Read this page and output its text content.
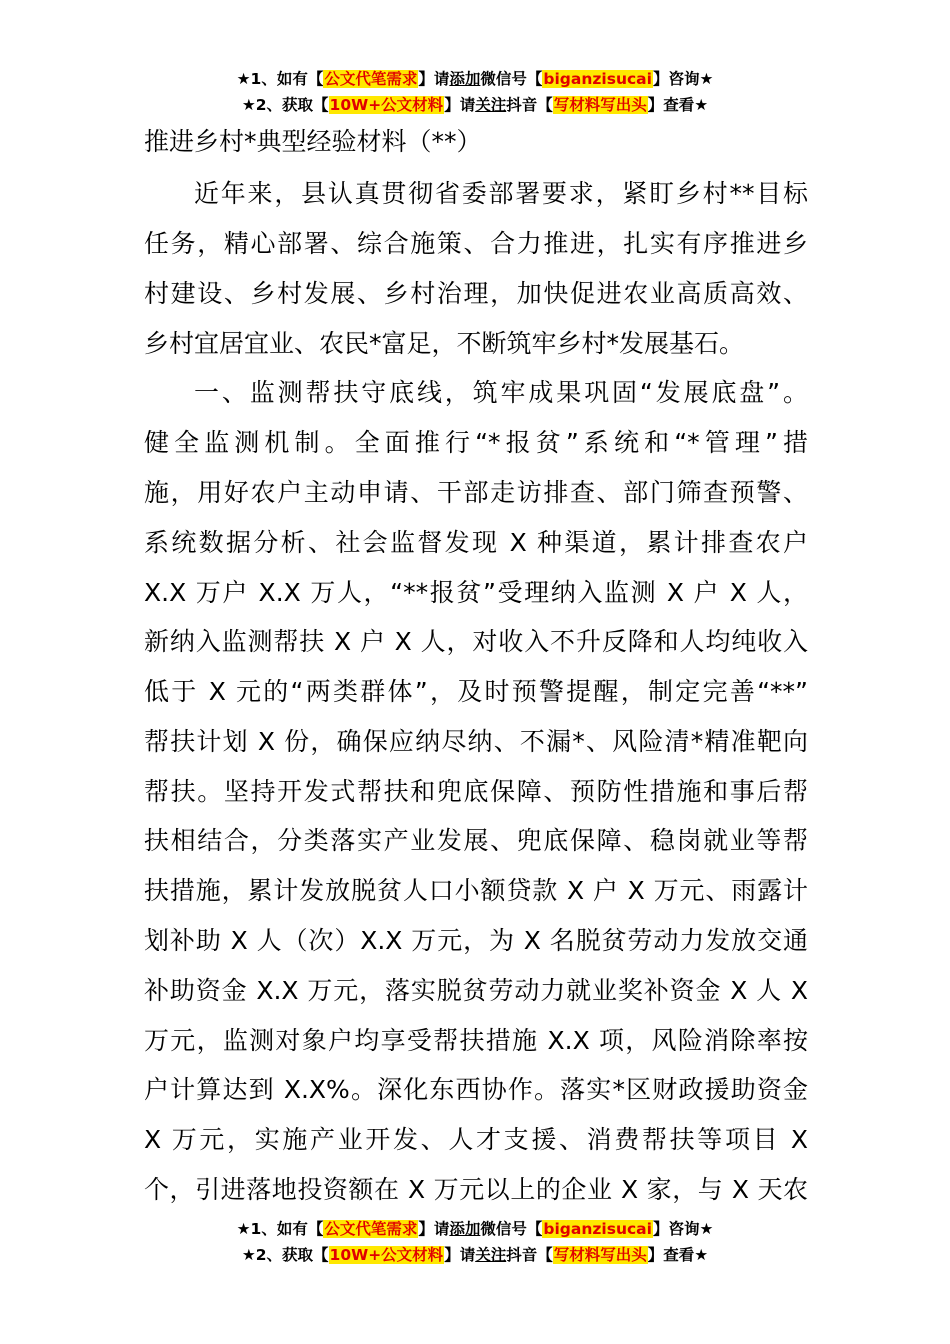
★1、如有【公文代笔需求】请添加微信号【biganzisucai】咨询★
★2、获取【10W+公文材料】请关注抖音【写材料写出头】查看★
推进乡村*典型经验材料（**）
近年来，县认真贯彻省委部署要求，紧盯乡村**目标
任务，精心部署、综合施策、合力推进，扎实有序推进乡
村建设、乡村发展、乡村治理，加快促进农业高质高效、
乡村宜居宜业、农民*富足，不断筑牢乡村*发展基石。
一、监测帮扶守底线，筑牢成果巩固“发展底盘”。
健全监测机制。全面推行“*报贫”系统和“*管理”措
施，用好农户主动申请、干部走访排查、部门筛查预警、
系统数据分析、社会监督发现 X 种渠道，累计排查农户
X.X 万户 X.X 万人，“**报贫”受理纳入监测 X 户 X 人，
新纳入监测帮扶 X 户 X 人，对收入不升反降和人均纯收入
低于 X 元的“两类群体”，及时预警提醒，制定完善“**”
帮扶计划 X 份，确保应纳尽纳、不漏*、风险清*精准靶向
帮扶。坚持开发式帮扶和兜底保障、预防性措施和事后帮
扶相结合，分类落实产业发展、兜底保障、稳岗就业等帮
扶措施，累计发放脱贫人口小额贷款 X 户 X 万元、雨露计
划补助 X 人（次）X.X 万元，为 X 名脱贫劳动力发放交通
补助资金 X.X 万元，落实脱贫劳动力就业奖补资金 X 人 X
万元，监测对象户均享受帮扶措施 X.X 项，风险消除率按
户计算达到 X.X%。深化东西协作。落实*区财政援助资金
X 万元，实施产业开发、人才支援、消费帮扶等项目 X
个，引进落地投资额在 X 万元以上的企业 X 家，与 X 天农
★1、如有【公文代笔需求】请添加微信号【biganzisucai】咨询★
★2、获取【10W+公文材料】请关注抖音【写材料写出头】查看★
